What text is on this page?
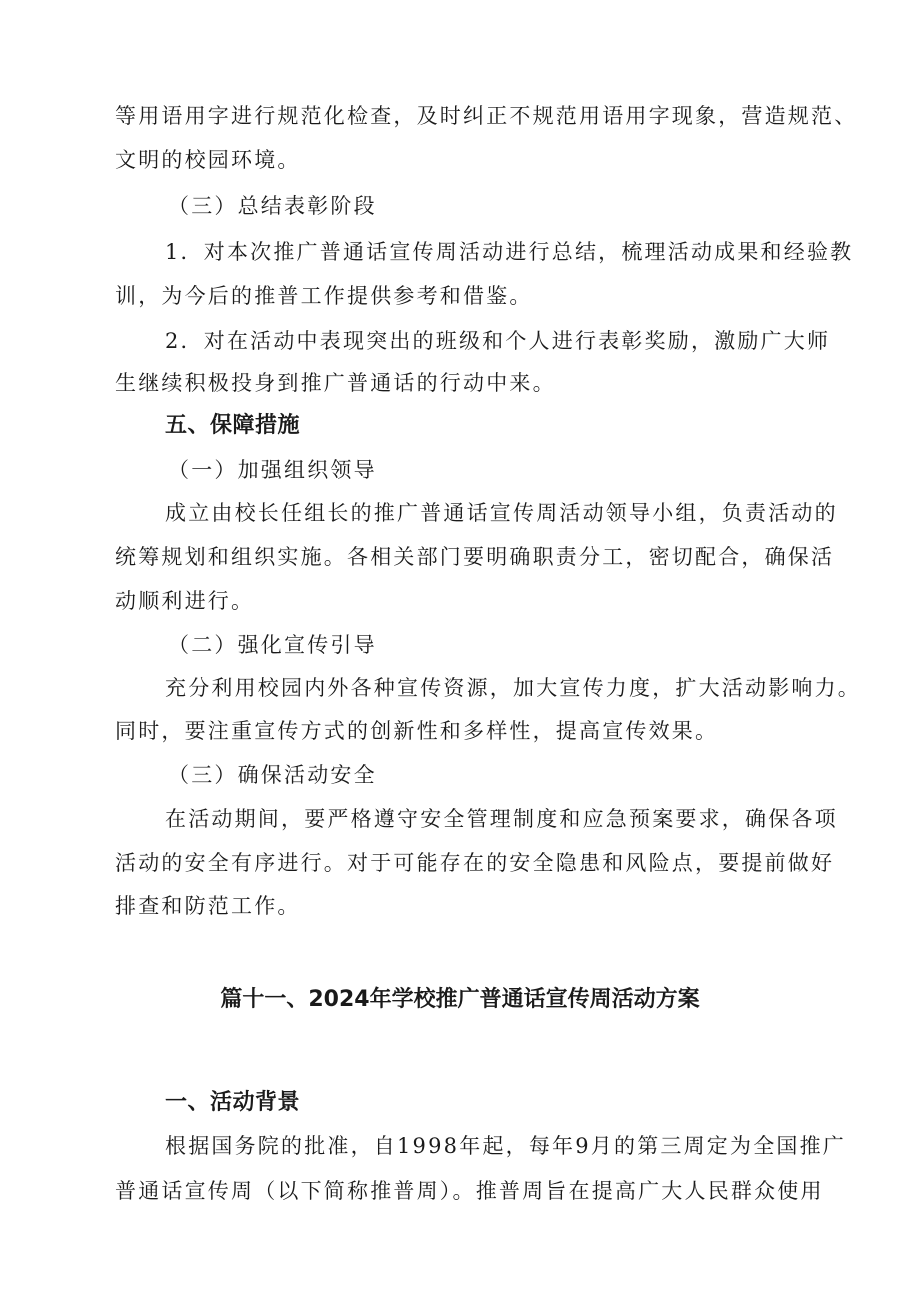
等用语用字进行规范化检查，及时纠正不规范用语用字现象，营造规范、
文明的校园环境。
（三）总结表彰阶段
1．对本次推广普通话宣传周活动进行总结，梳理活动成果和经验教
训，为今后的推普工作提供参考和借鉴。
2．对在活动中表现突出的班级和个人进行表彰奖励，激励广大师
生继续积极投身到推广普通话的行动中来。
五、保障措施
（一）加强组织领导
成立由校长任组长的推广普通话宣传周活动领导小组，负责活动的
统筹规划和组织实施。各相关部门要明确职责分工，密切配合，确保活
动顺利进行。
（二）强化宣传引导
充分利用校园内外各种宣传资源，加大宣传力度，扩大活动影响力。
同时，要注重宣传方式的创新性和多样性，提高宣传效果。
（三）确保活动安全
在活动期间，要严格遵守安全管理制度和应急预案要求，确保各项
活动的安全有序进行。对于可能存在的安全隐患和风险点，要提前做好
排查和防范工作。
篇十一、2024年学校推广普通话宣传周活动方案
一、活动背景
根据国务院的批准，自1998年起，每年9月的第三周定为全国推广
普通话宣传周（以下简称推普周）。推普周旨在提高广大人民群众使用
